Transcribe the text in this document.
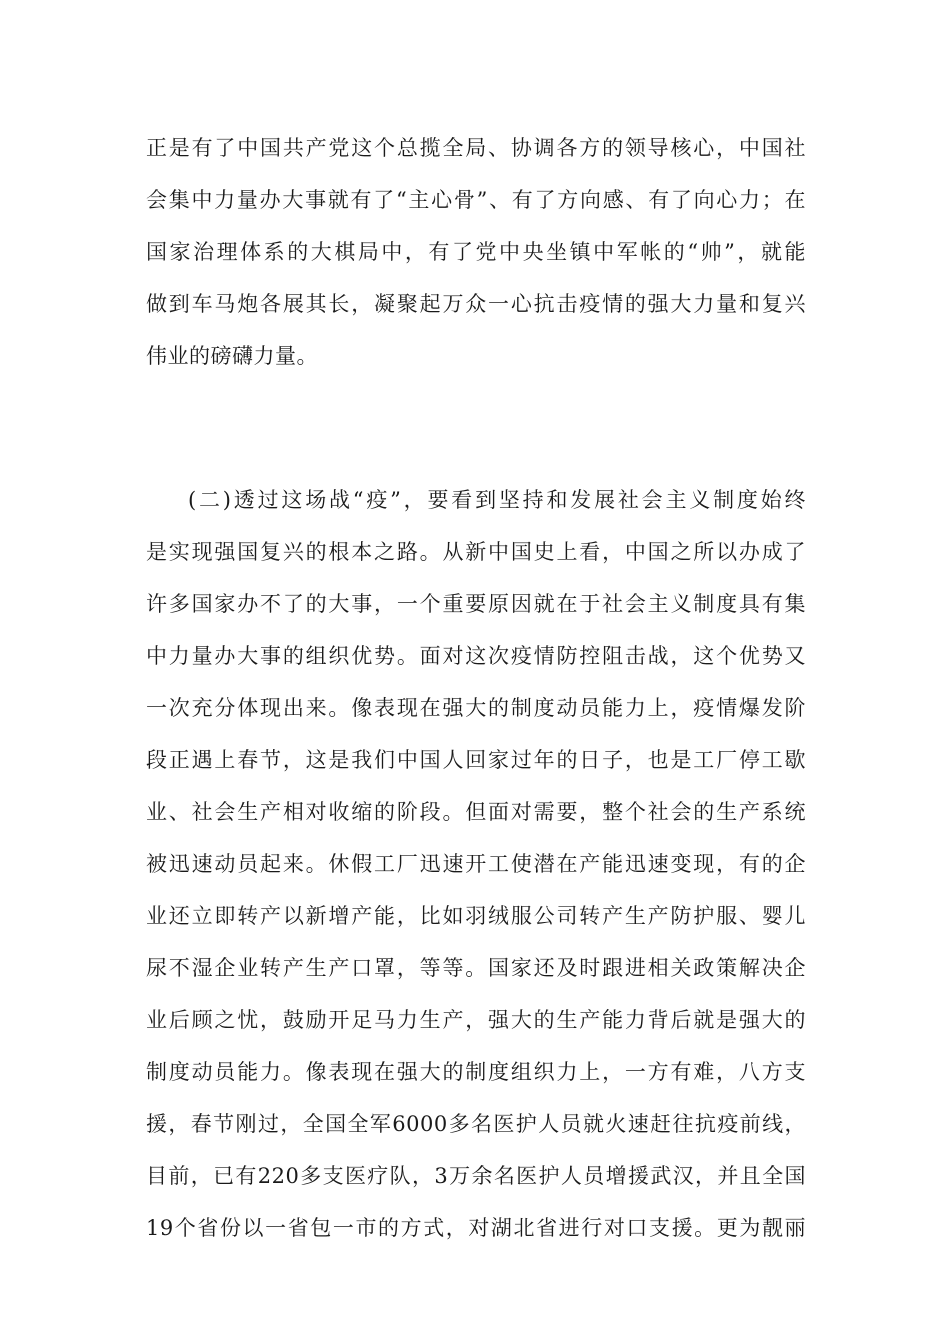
正是有了中国共产党这个总揽全局、协调各方的领导核心，中国社
会集中力量办大事就有了“主心骨”、有了方向感、有了向心力；在
国家治理体系的大棋局中，有了党中央坐镇中军帐的“帅”，就能
做到车马炮各展其长，凝聚起万众一心抗击疫情的强大力量和复兴
伟业的磅礴力量。
(二)透过这场战“疫”，要看到坚持和发展社会主义制度始终
是实现强国复兴的根本之路。从新中国史上看，中国之所以办成了
许多国家办不了的大事，一个重要原因就在于社会主义制度具有集
中力量办大事的组织优势。面对这次疫情防控阻击战，这个优势又
一次充分体现出来。像表现在强大的制度动员能力上，疫情爆发阶
段正遇上春节，这是我们中国人回家过年的日子，也是工厂停工歇
业、社会生产相对收缩的阶段。但面对需要，整个社会的生产系统
被迅速动员起来。休假工厂迅速开工使潜在产能迅速变现，有的企
业还立即转产以新增产能，比如羽绒服公司转产生产防护服、婴儿
尿不湿企业转产生产口罩，等等。国家还及时跟进相关政策解决企
业后顾之忧，鼓励开足马力生产，强大的生产能力背后就是强大的
制度动员能力。像表现在强大的制度组织力上，一方有难，八方支
援，春节刚过，全国全军6000多名医护人员就火速赶往抗疫前线，
目前，已有220多支医疗队，3万余名医护人员增援武汉，并且全国
19个省份以一省包一市的方式，对湖北省进行对口支援。更为靓丽
